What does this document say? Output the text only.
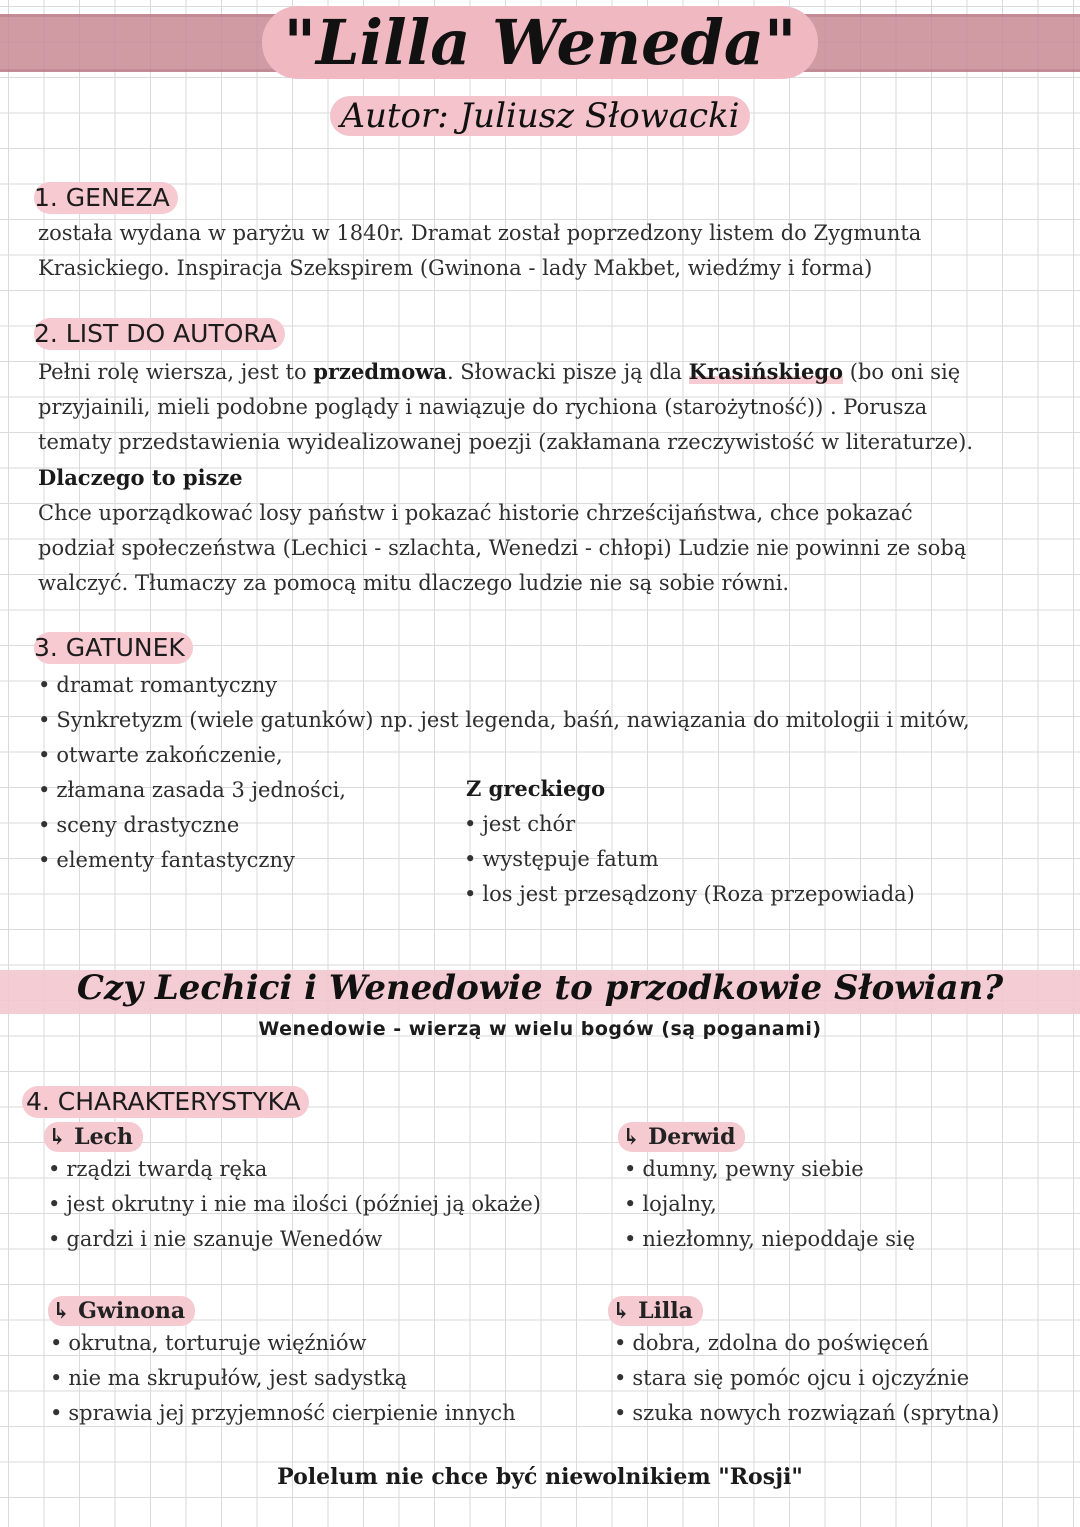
"Lilla Weneda"
Autor: Juliusz Słowacki
1. GENEZA

została wydana w paryżu w 1840r. Dramat został poprzedzony listem do Zygmunta

Krasickiego. Inspiracja Szekspirem (Gwinona - lady Makbet, wiedźmy i forma)

2. LIST DO AUTORA

Pełni rolę wiersza, jest to przedmowa. Słowacki pisze ją dla Krasińskiego (bo oni się

przyjainili, mieli podobne poglądy i nawiązuje do rychiona (starożytność)) . Porusza

tematy przedstawienia wyidealizowanej poezji (zakłamana rzeczywistość w literaturze).

Dlaczego to pisze

Chce uporządkować losy państw i pokazać historie chrześcijaństwa, chce pokazać

podział społeczeństwa (Lechici - szlachta, Wenedzi - chłopi) Ludzie nie powinni ze sobą

walczyć. Tłumaczy za pomocą mitu dlaczego ludzie nie są sobie równi.

3. GATUNEK
• dramat romantyczny
• Synkretyzm (wiele gatunków) np. jest legenda, baśń, nawiązania do mitologii i mitów,
• otwarte zakończenie,
• złamana zasada 3 jedności,
• sceny drastyczne
• elementy fantastyczny

Z greckiego

• jest chór
• występuje fatum
• los jest przesądzony (Roza przepowiada)
Czy Lechici i Wenedowie to przodkowie Słowian?
Wenedowie - wierzą w wielu bogów (są poganami)
4. CHARAKTERYSTYKA
↳ Lech
• rządzi twardą ręka
• jest okrutny i nie ma ilości (później ją okaże)
• gardzi i nie szanuje Wenedów
↳ Derwid
• dumny, pewny siebie
• lojalny,
• niezłomny, niepoddaje się
↳ Gwinona
• okrutna, torturuje więźniów
• nie ma skrupułów, jest sadystką
• sprawia jej przyjemność cierpienie innych
↳ Lilla
• dobra, zdolna do poświęceń
• stara się pomóc ojcu i ojczyźnie
• szuka nowych rozwiązań (sprytna)
Polelum nie chce być niewolnikiem "Rosji"
